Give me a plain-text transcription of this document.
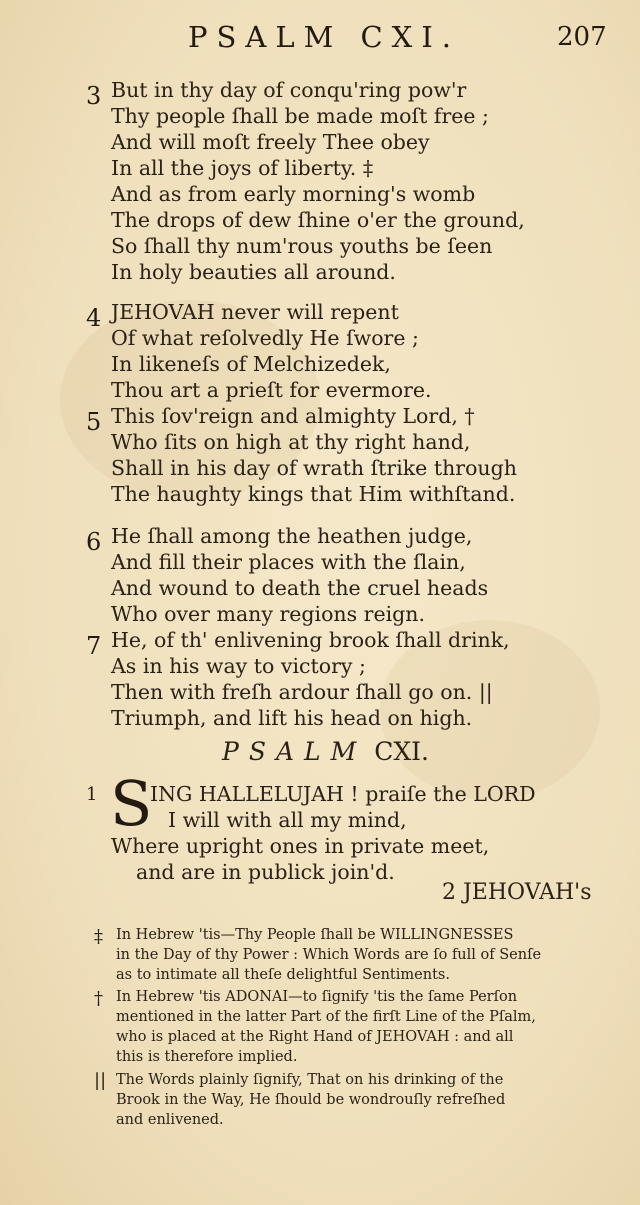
PSALM CXI.	207
3 But in thy day of conqu'ring pow'r
Thy people ſhall be made moſt free ;
And will moſt freely Thee obey
In all the joys of liberty. ‡
And as from early morning's womb
The drops of dew ſhine o'er the ground,
So ſhall thy num'rous youths be ſeen
In holy beauties all around.
4 JEHOVAH never will repent
Of what reſolvedly He ſwore ;
In likeneſs of Melchizedek,
Thou art a prieſt for evermore.
5 This ſov'reign and almighty Lord, †
Who ſits on high at thy right hand,
Shall in his day of wrath ſtrike through
The haughty kings that Him withſtand.
6 He ſhall among the heathen judge,
And fill their places with the ſlain,
And wound to death the cruel heads
Who over many regions reign.
7 He, of th' enlivening brook ſhall drink,
As in his way to victory ;
Then with freſh ardour ſhall go on. ||
Triumph, and lift his head on high.
PSALM CXI.
1 S
ING HALLELUJAH ! praiſe the LORD
I will with all my mind,
Where upright ones in private meet,
and are in publick join'd.
2 JEHOVAH's
‡ In Hebrew 'tis—Thy People ſhall be WILLINGNESSES
in the Day of thy Power : Which Words are ſo full of Senſe
as to intimate all theſe delightful Sentiments.
† In Hebrew 'tis ADONAI—to ſignify 'tis the ſame Perſon
mentioned in the latter Part of the firſt Line of the Pſalm,
who is placed at the Right Hand of JEHOVAH : and all
this is therefore implied.
|| The Words plainly ſignify, That on his drinking of the
Brook in the Way, He ſhould be wondrouſly refreſhed
and enlivened.
